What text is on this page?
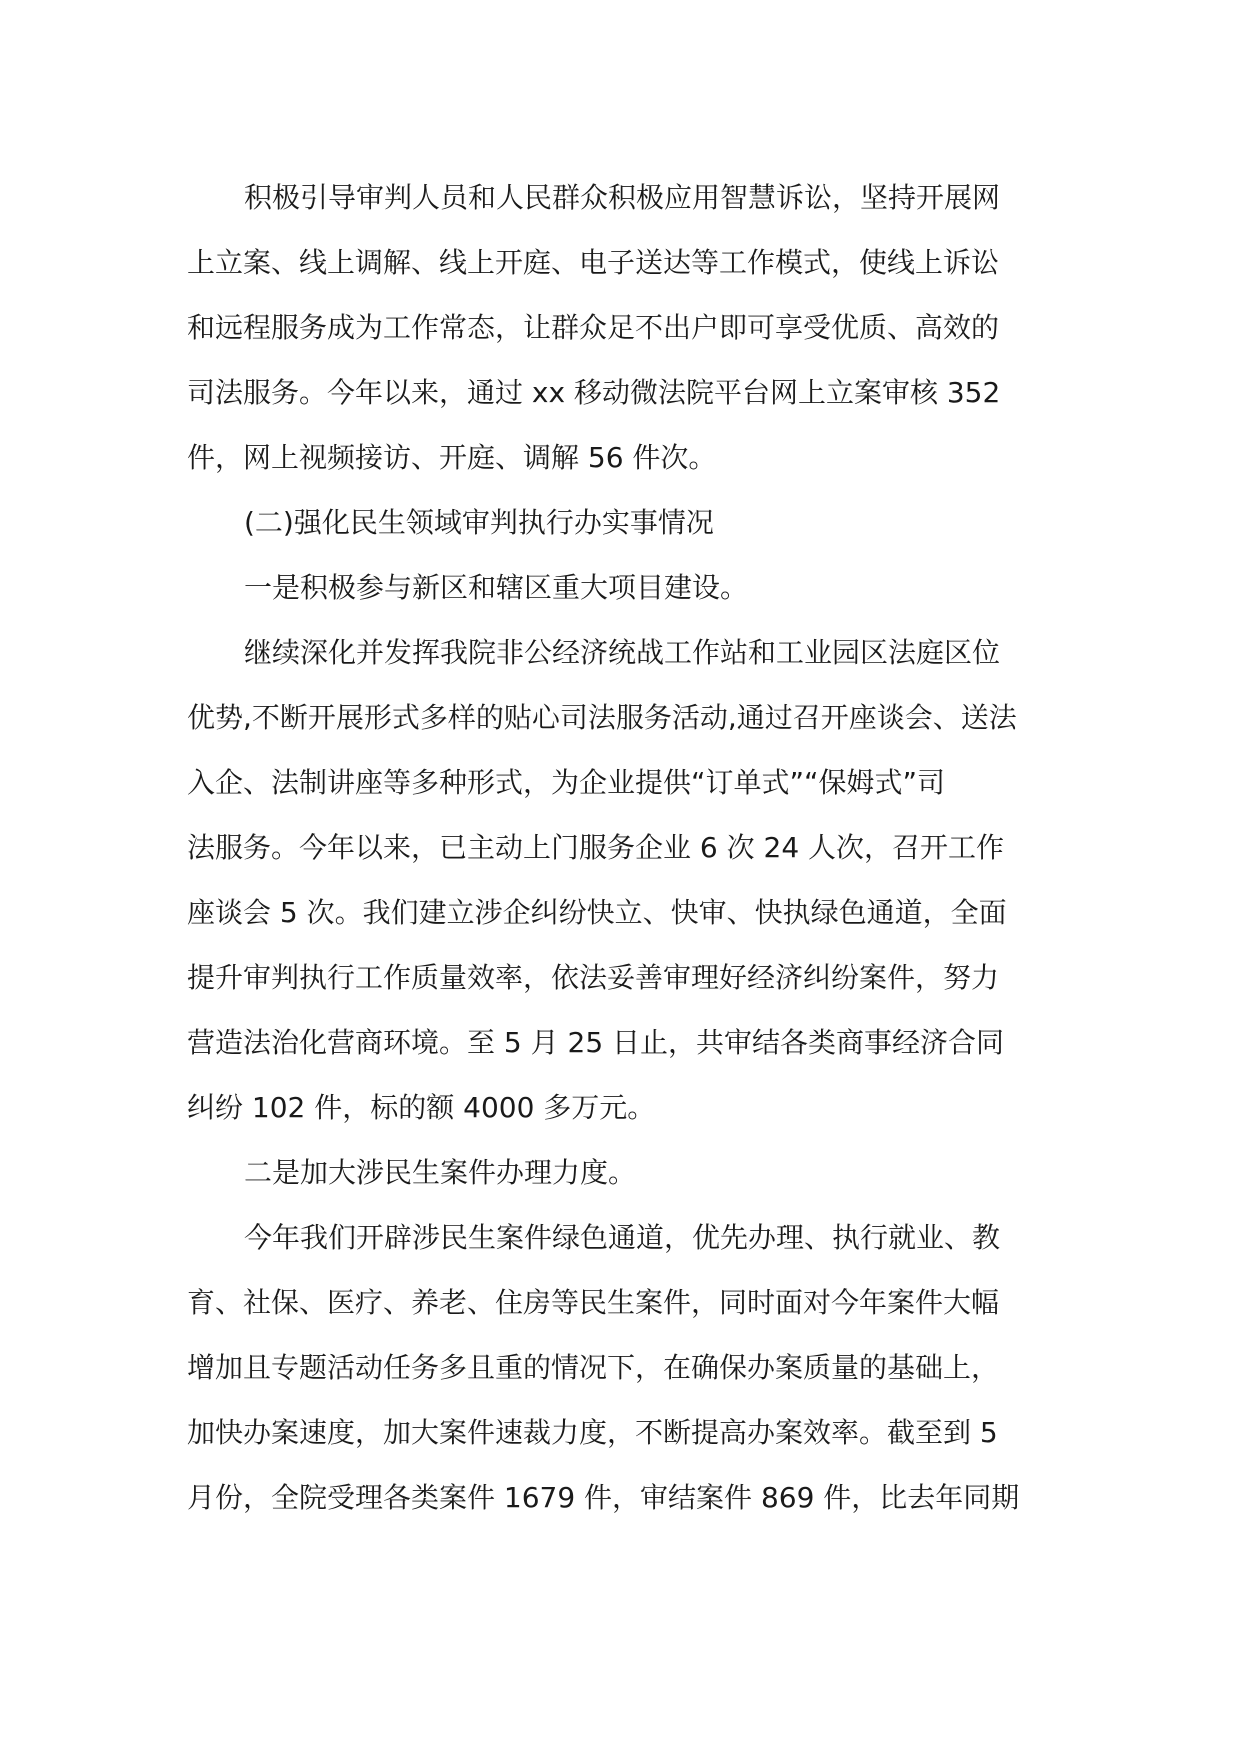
积极引导审判人员和人民群众积极应用智慧诉讼，坚持开展网
上立案、线上调解、线上开庭、电子送达等工作模式，使线上诉讼
和远程服务成为工作常态，让群众足不出户即可享受优质、高效的
司法服务。今年以来，通过 xx 移动微法院平台网上立案审核 352
件，网上视频接访、开庭、调解 56 件次。
(二)强化民生领域审判执行办实事情况
一是积极参与新区和辖区重大项目建设。
继续深化并发挥我院非公经济统战工作站和工业园区法庭区位
优势,不断开展形式多样的贴心司法服务活动,通过召开座谈会、送法
入企、法制讲座等多种形式，为企业提供“订单式”“保姆式”司
法服务。今年以来，已主动上门服务企业 6 次 24 人次，召开工作
座谈会 5 次。我们建立涉企纠纷快立、快审、快执绿色通道，全面
提升审判执行工作质量效率，依法妥善审理好经济纠纷案件，努力
营造法治化营商环境。至 5 月 25 日止，共审结各类商事经济合同
纠纷 102 件，标的额 4000 多万元。
二是加大涉民生案件办理力度。
今年我们开辟涉民生案件绿色通道，优先办理、执行就业、教
育、社保、医疗、养老、住房等民生案件，同时面对今年案件大幅
增加且专题活动任务多且重的情况下，在确保办案质量的基础上，
加快办案速度，加大案件速裁力度，不断提高办案效率。截至到 5
月份，全院受理各类案件 1679 件，审结案件 869 件，比去年同期
